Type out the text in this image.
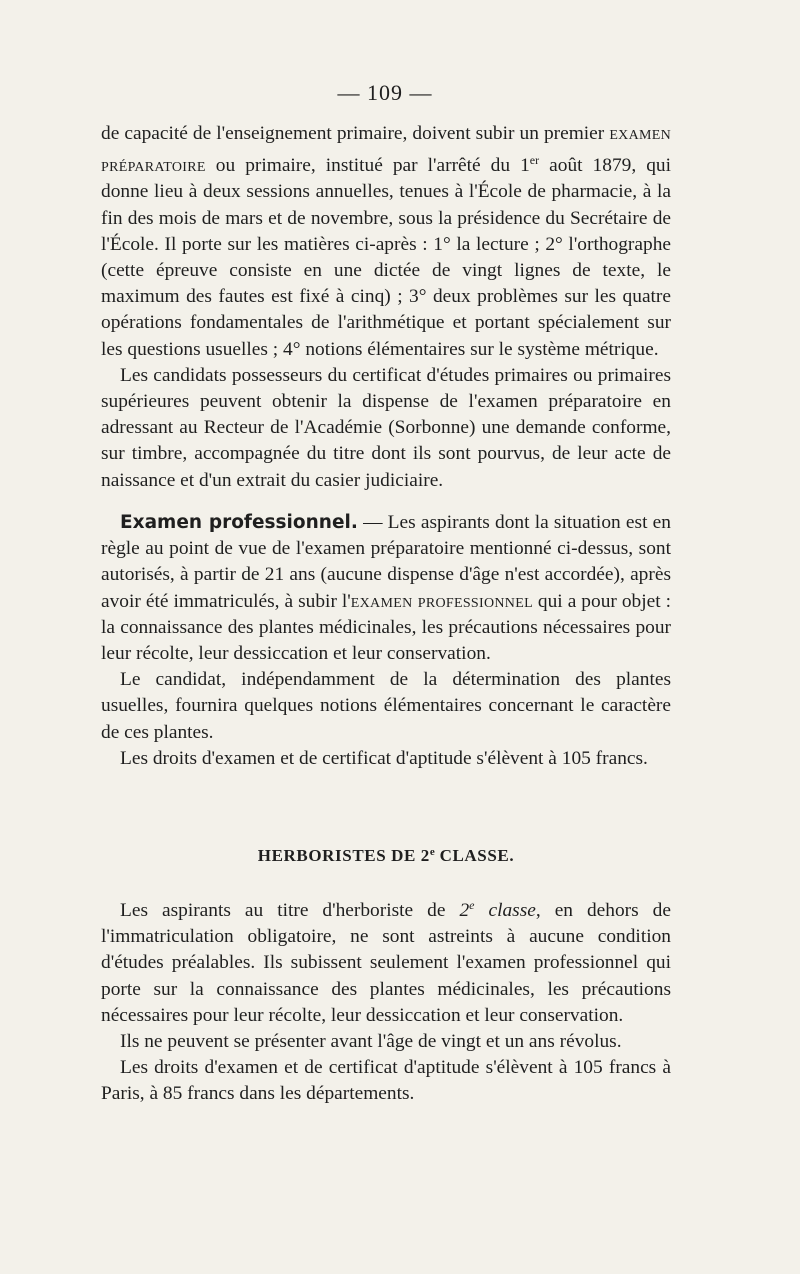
— 109 —

de capacité de l'enseignement primaire, doivent subir un premier examen préparatoire ou primaire, institué par l'arrêté du 1er août 1879, qui donne lieu à deux sessions annuelles, tenues à l'École de pharmacie, à la fin des mois de mars et de novembre, sous la présidence du Secrétaire de l'École. Il porte sur les matières ci-après : 1° la lecture ; 2° l'orthographe (cette épreuve consiste en une dictée de vingt lignes de texte, le maximum des fautes est fixé à cinq) ; 3° deux problèmes sur les quatre opérations fondamentales de l'arithmétique et portant spécialement sur les questions usuelles ; 4° notions élémentaires sur le système métrique.

Les candidats possesseurs du certificat d'études primaires ou primaires supérieures peuvent obtenir la dispense de l'examen préparatoire en adressant au Recteur de l'Académie (Sorbonne) une demande conforme, sur timbre, accompagnée du titre dont ils sont pourvus, de leur acte de naissance et d'un extrait du casier judiciaire.

Examen professionnel. — Les aspirants dont la situation est en règle au point de vue de l'examen préparatoire mentionné ci-dessus, sont autorisés, à partir de 21 ans (aucune dispense d'âge n'est accordée), après avoir été immatriculés, à subir l'examen professionnel qui a pour objet : la connaissance des plantes médicinales, les précautions nécessaires pour leur récolte, leur dessiccation et leur conservation.

Le candidat, indépendamment de la détermination des plantes usuelles, fournira quelques notions élémentaires concernant le caractère de ces plantes.

Les droits d'examen et de certificat d'aptitude s'élèvent à 105 francs.

HERBORISTES DE 2e CLASSE.

Les aspirants au titre d'herboriste de 2e classe, en dehors de l'immatriculation obligatoire, ne sont astreints à aucune condition d'études préalables. Ils subissent seulement l'examen professionnel qui porte sur la connaissance des plantes médicinales, les précautions nécessaires pour leur récolte, leur dessiccation et leur conservation.

Ils ne peuvent se présenter avant l'âge de vingt et un ans révolus.

Les droits d'examen et de certificat d'aptitude s'élèvent à 105 francs à Paris, à 85 francs dans les départements.
